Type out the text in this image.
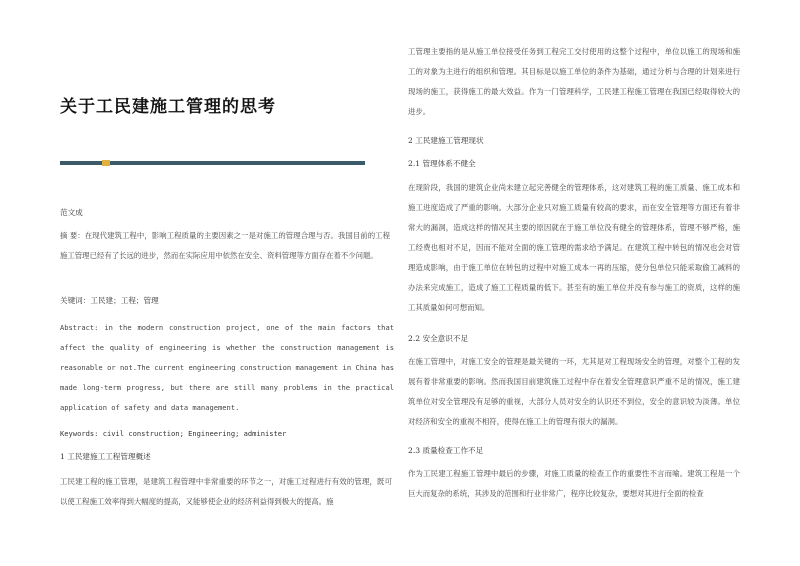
关于工民建施工管理的思考

范文成

摘 要：在现代建筑工程中，影响工程质量的主要因素之一是对施工的管理合理与否。我国目前的工程施工管理已经有了长远的进步，然而在实际应用中依然在安全、资料管理等方面存在着不少问题。

关键词：工民建；工程；管理

Abstract: in the modern construction project, one of the main factors that affect the quality of engineering is whether the construction management is reasonable or not.The current engineering construction management in China has made long-term progress, but there are still many problems in the practical application of safety and data management.

Keywords: civil construction; Engineering; administer

1 工民建施工工程管理概述

工民建工程的施工管理，是建筑工程管理中非常重要的环节之一，对施工过程进行有效的管理，既可以使工程施工效率得到大幅度的提高，又能够使企业的经济利益得到极大的提高。施

工管理主要指的是从施工单位接受任务到工程完工交付使用的这整个过程中，单位以施工的现场和施工的对象为主进行的组织和管理。其目标是以施工单位的条件为基础，通过分析与合理的计划来进行现场的施工，获得施工的最大效益。作为一门管理科学，工民建工程施工管理在我国已经取得较大的进步。

2 工民建施工管理现状

2.1 管理体系不健全

在现阶段，我国的建筑企业尚未建立起完善健全的管理体系，这对建筑工程的施工质量、施工成本和施工进度造成了严重的影响。大部分企业只对施工质量有较高的要求，而在安全管理等方面还有着非常大的漏洞，造成这样的情况其主要的原因就在于施工单位没有健全的管理体系，管理不够严格，施工经费也相对不足，因而不能对全面的施工管理的需求给予满足。在建筑工程中转包的情况也会对管理造成影响，由于施工单位在转包的过程中对施工成本一再的压缩，使分包单位只能采取偷工减料的办法来完成施工，造成了施工工程质量的低下。甚至有的施工单位并没有参与施工的资质，这样的施工其质量如何可想而知。

2.2 安全意识不足

在施工管理中，对施工安全的管理是最关键的一环，尤其是对工程现场安全的管理，对整个工程的发展有着非常重要的影响。然而我国目前建筑施工过程中存在着安全管理意识严重不足的情况，施工建筑单位对安全管理没有足够的重视，大部分人员对安全的认识还不到位，安全的意识较为淡薄。单位对经济和安全的重视不相符，使得在施工上的管理有很大的漏洞。

2.3 质量检查工作不足

作为工民建工程施工管理中最后的步骤，对施工质量的检查工作的重要性不言而喻。建筑工程是一个巨大而复杂的系统，其涉及的范围和行业非常广，程序比较复杂，要想对其进行全面的检查
